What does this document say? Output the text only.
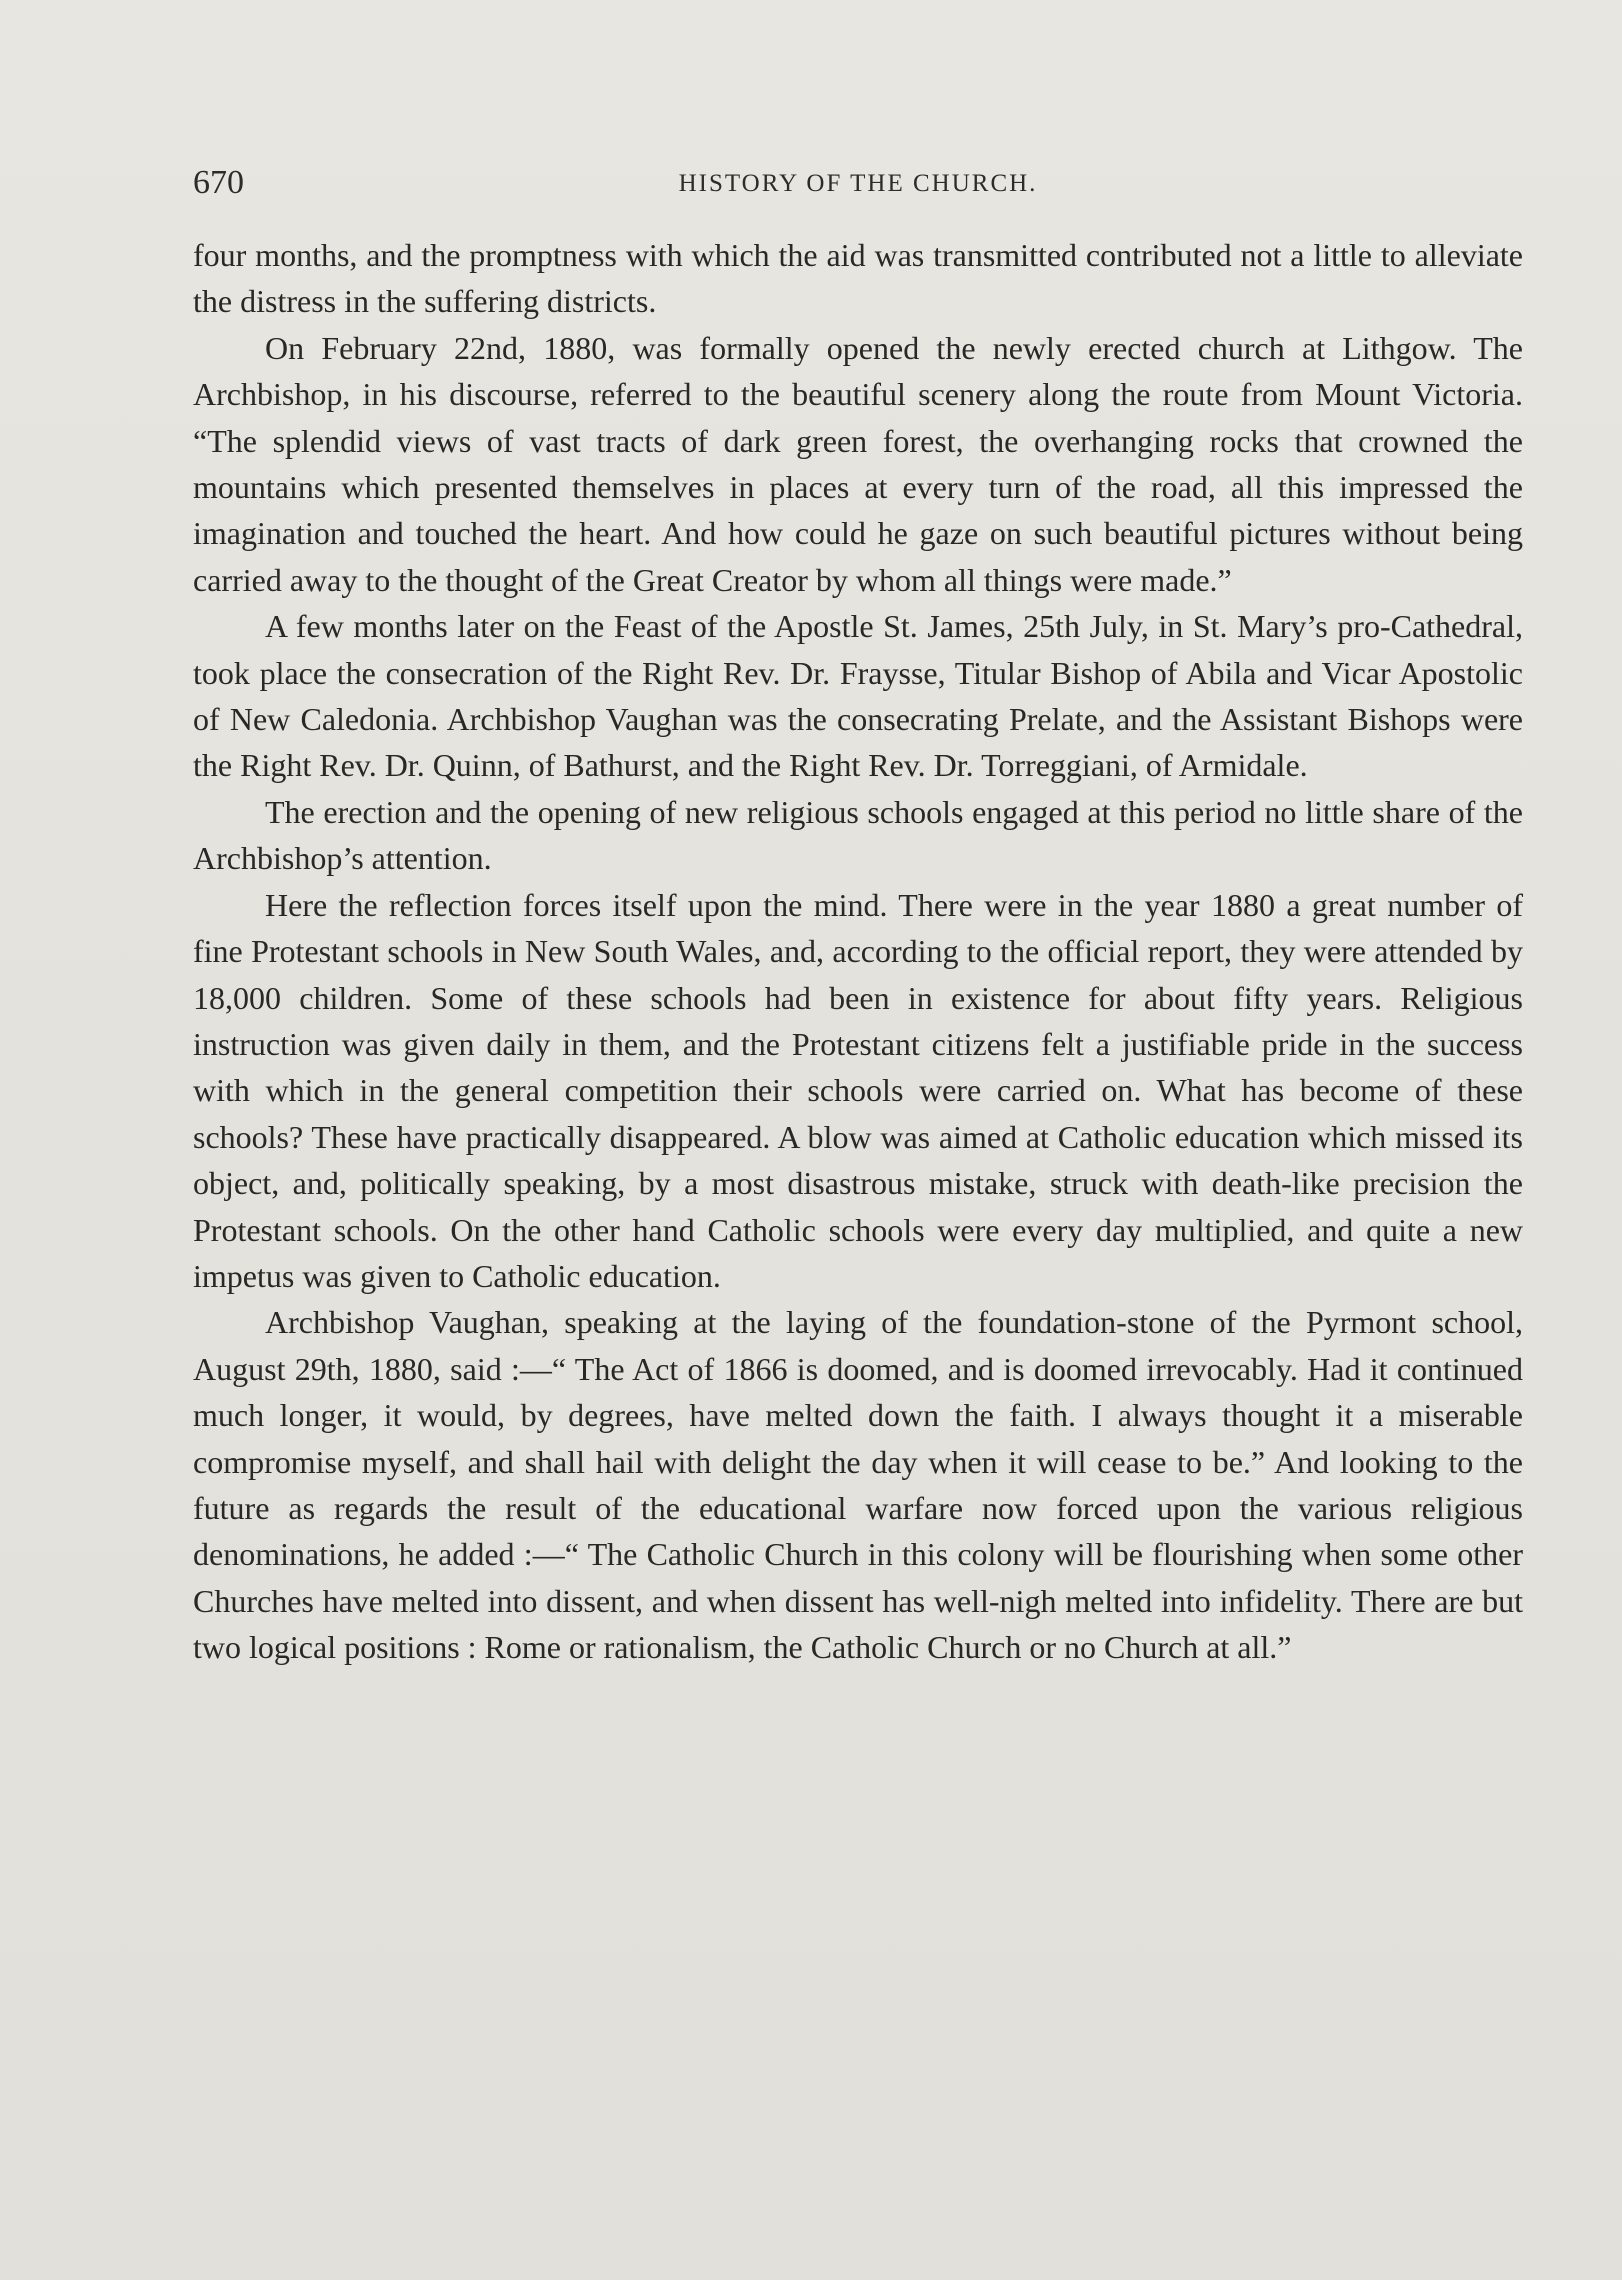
670	HISTORY OF THE CHURCH.

four months, and the promptness with which the aid was transmitted contributed not a little to alleviate the distress in the suffering districts.

On February 22nd, 1880, was formally opened the newly erected church at Lithgow. The Archbishop, in his discourse, referred to the beautiful scenery along the route from Mount Victoria. “The splendid views of vast tracts of dark green forest, the overhanging rocks that crowned the mountains which presented themselves in places at every turn of the road, all this impressed the imagination and touched the heart. And how could he gaze on such beautiful pictures without being carried away to the thought of the Great Creator by whom all things were made.”

A few months later on the Feast of the Apostle St. James, 25th July, in St. Mary’s pro-Cathedral, took place the consecration of the Right Rev. Dr. Fraysse, Titular Bishop of Abila and Vicar Apostolic of New Caledonia. Archbishop Vaughan was the consecrating Prelate, and the Assistant Bishops were the Right Rev. Dr. Quinn, of Bathurst, and the Right Rev. Dr. Torreggiani, of Armidale.

The erection and the opening of new religious schools engaged at this period no little share of the Archbishop’s attention.

Here the reflection forces itself upon the mind. There were in the year 1880 a great number of fine Protestant schools in New South Wales, and, according to the official report, they were attended by 18,000 children. Some of these schools had been in existence for about fifty years. Religious instruction was given daily in them, and the Protestant citizens felt a justifiable pride in the success with which in the general competition their schools were carried on. What has become of these schools? These have practically disappeared. A blow was aimed at Catholic education which missed its object, and, politically speaking, by a most disastrous mistake, struck with death-like precision the Protestant schools. On the other hand Catholic schools were every day multiplied, and quite a new impetus was given to Catholic education.

Archbishop Vaughan, speaking at the laying of the foundation-stone of the Pyrmont school, August 29th, 1880, said :—“ The Act of 1866 is doomed, and is doomed irrevocably. Had it continued much longer, it would, by degrees, have melted down the faith. I always thought it a miserable compromise myself, and shall hail with delight the day when it will cease to be.” And looking to the future as regards the result of the educational warfare now forced upon the various religious denominations, he added :—“ The Catholic Church in this colony will be flourishing when some other Churches have melted into dissent, and when dissent has well-nigh melted into infidelity. There are but two logical positions : Rome or rationalism, the Catholic Church or no Church at all.”
